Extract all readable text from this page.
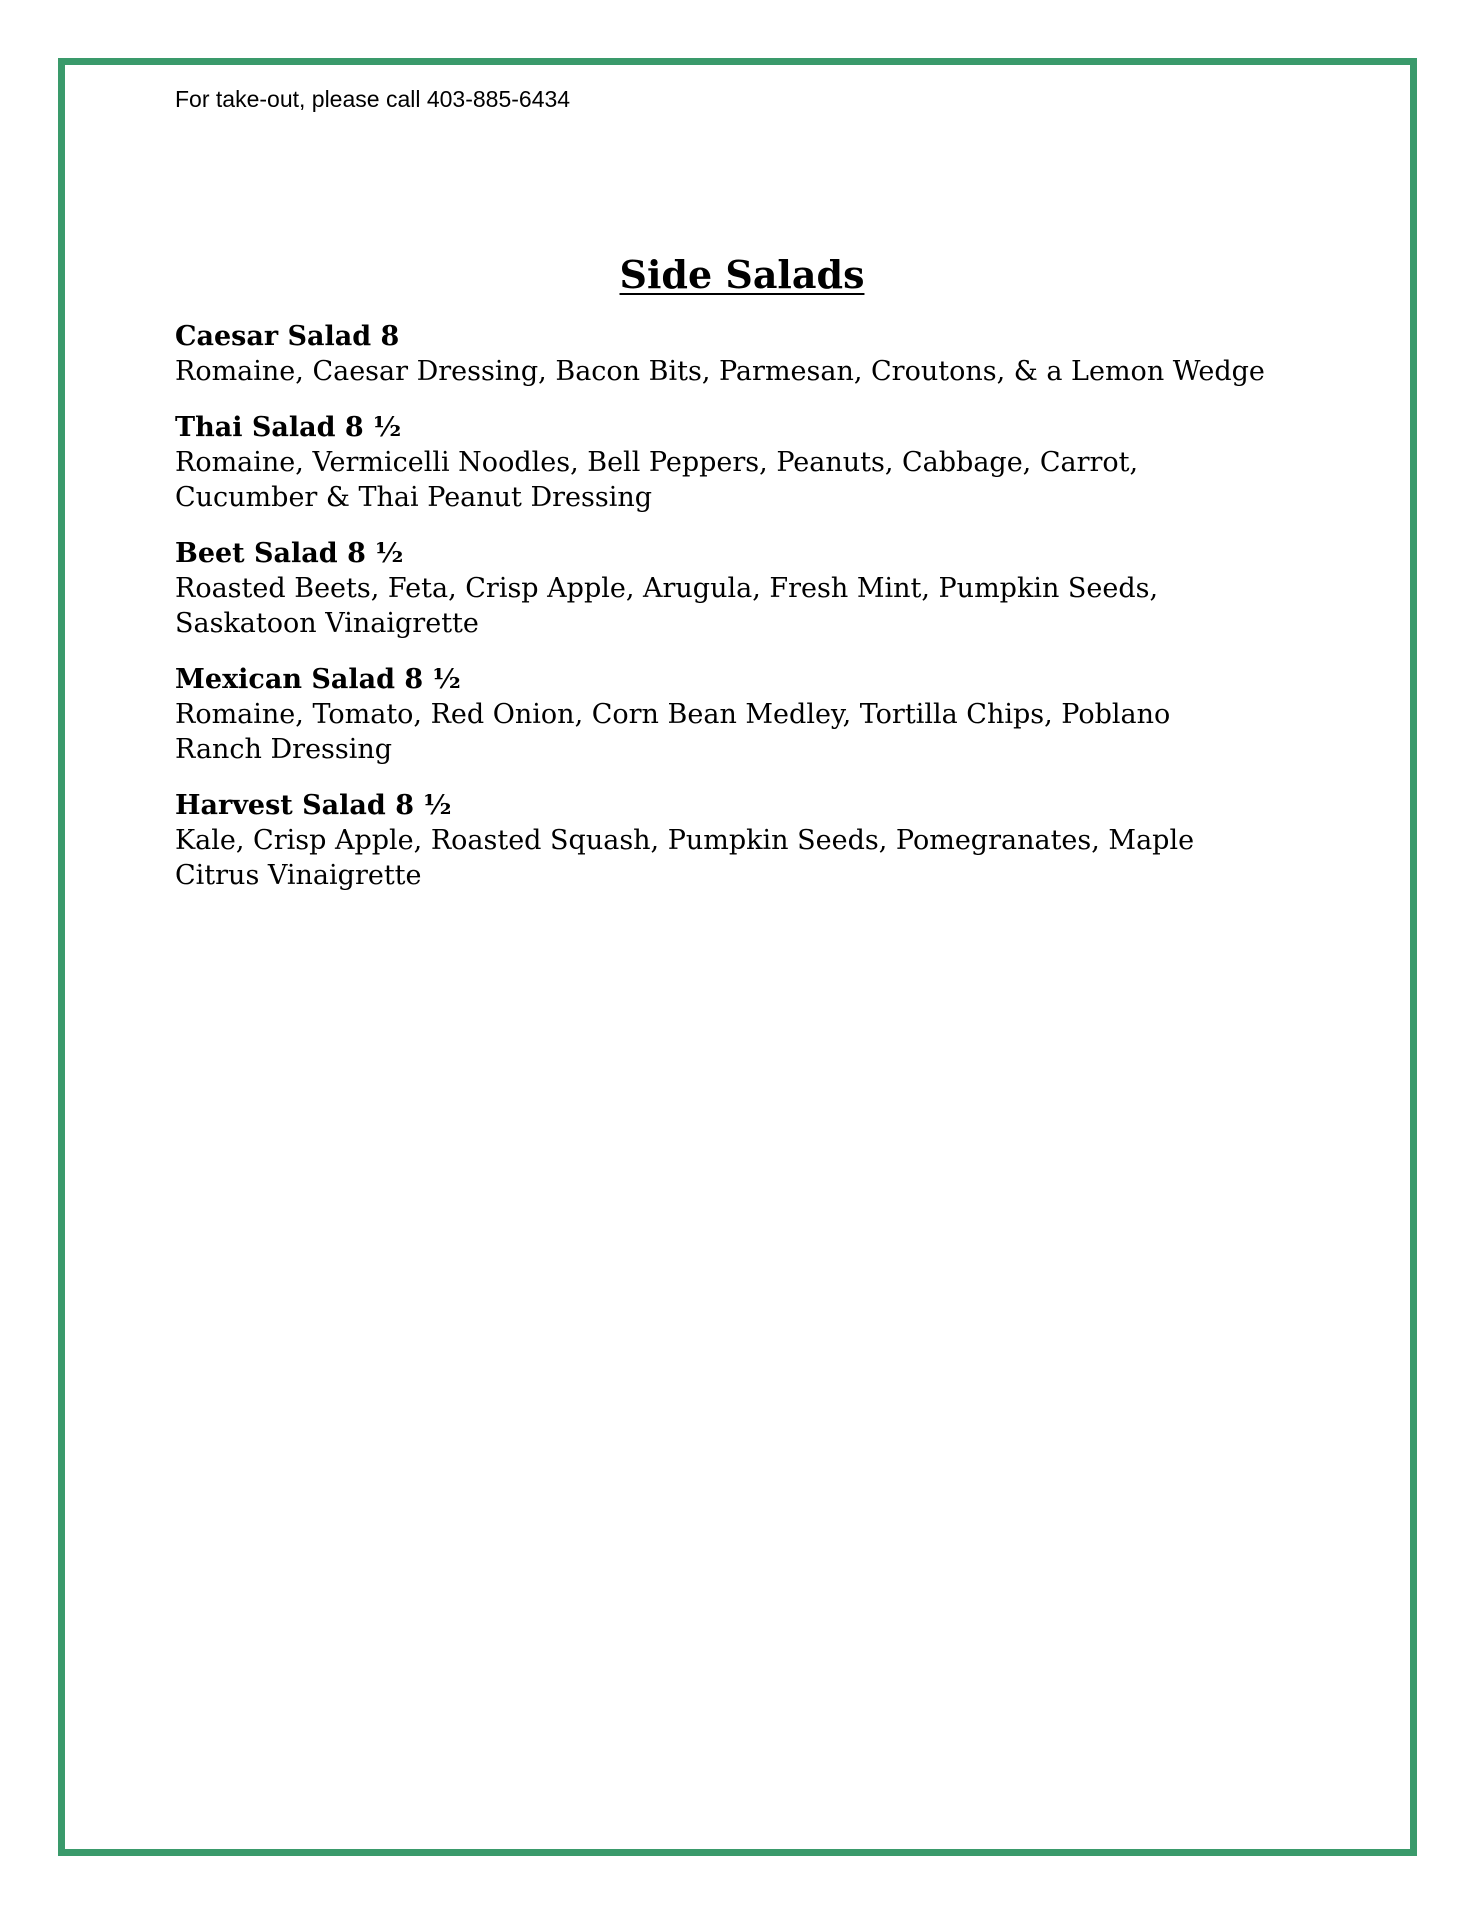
For take-out, please call 403-885-6434
Side Salads
Caesar Salad 8
Romaine, Caesar Dressing, Bacon Bits, Parmesan, Croutons, & a Lemon Wedge
Thai Salad 8 ½
Romaine, Vermicelli Noodles, Bell Peppers, Peanuts, Cabbage, Carrot, Cucumber & Thai Peanut Dressing
Beet Salad 8 ½
Roasted Beets, Feta, Crisp Apple, Arugula, Fresh Mint, Pumpkin Seeds, Saskatoon Vinaigrette
Mexican Salad 8 ½
Romaine, Tomato, Red Onion, Corn Bean Medley, Tortilla Chips, Poblano Ranch Dressing
Harvest Salad 8 ½
Kale, Crisp Apple, Roasted Squash, Pumpkin Seeds, Pomegranates, Maple Citrus Vinaigrette
